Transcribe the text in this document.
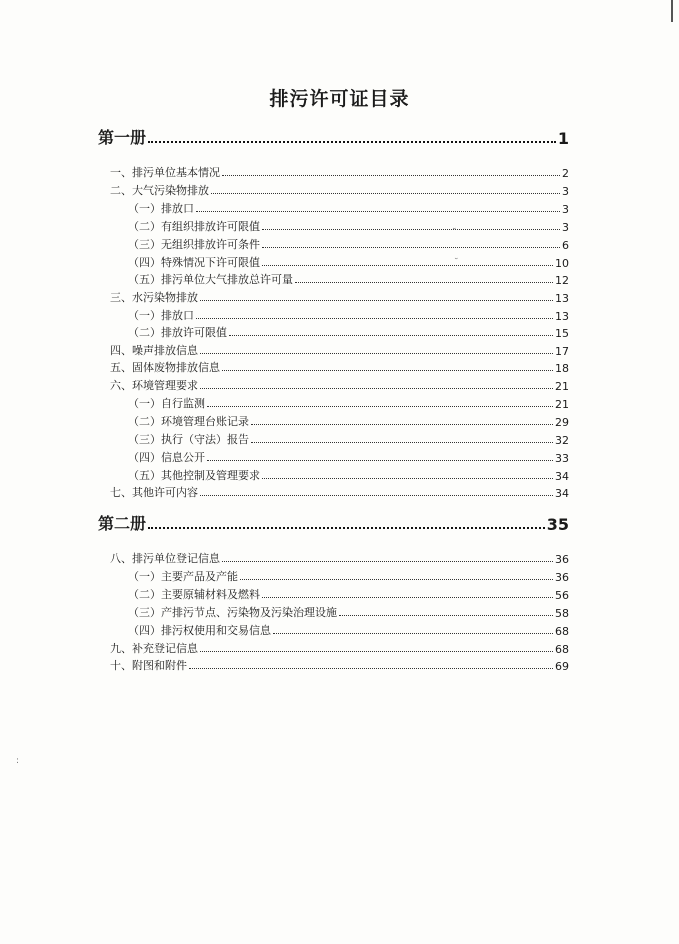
排污许可证目录
第一册	1
一、排污单位基本情况	2
二、大气污染物排放	3
（一）排放口	3
（二）有组织排放许可限值	3
（三）无组织排放许可条件	6
（四）特殊情况下许可限值	10
（五）排污单位大气排放总许可量	12
三、水污染物排放	13
（一）排放口	13
（二）排放许可限值	15
四、噪声排放信息	17
五、固体废物排放信息	18
六、环境管理要求	21
（一）自行监测	21
（二）环境管理台账记录	29
（三）执行（守法）报告	32
（四）信息公开	33
（五）其他控制及管理要求	34
七、其他许可内容	34
第二册	35
八、排污单位登记信息	36
（一）主要产品及产能	36
（二）主要原辅材料及燃料	56
（三）产排污节点、污染物及污染治理设施	58
（四）排污权使用和交易信息	68
九、补充登记信息	68
十、附图和附件	69
˘
˘
:
